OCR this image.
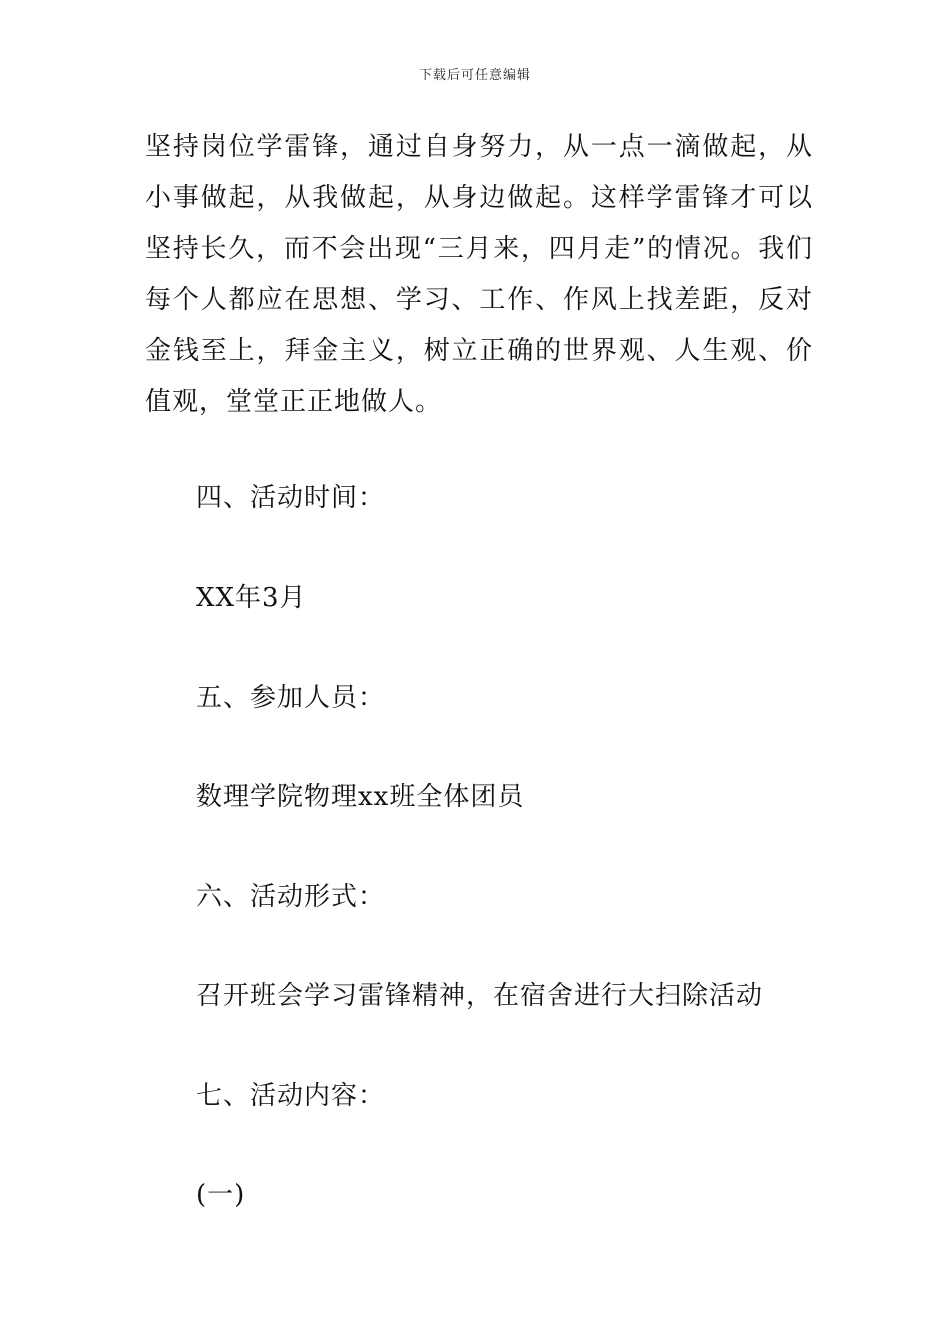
下载后可任意编辑

坚持岗位学雷锋，通过自身努力，从一点一滴做起，从小事做起，从我做起，从身边做起。这样学雷锋才可以坚持长久，而不会出现“三月来，四月走”的情况。我们每个人都应在思想、学习、工作、作风上找差距，反对金钱至上，拜金主义，树立正确的世界观、人生观、价值观，堂堂正正地做人。

四、活动时间：

XX年3月

五、参加人员：

数理学院物理xx班全体团员

六、活动形式：

召开班会学习雷锋精神，在宿舍进行大扫除活动

七、活动内容：

(一)
